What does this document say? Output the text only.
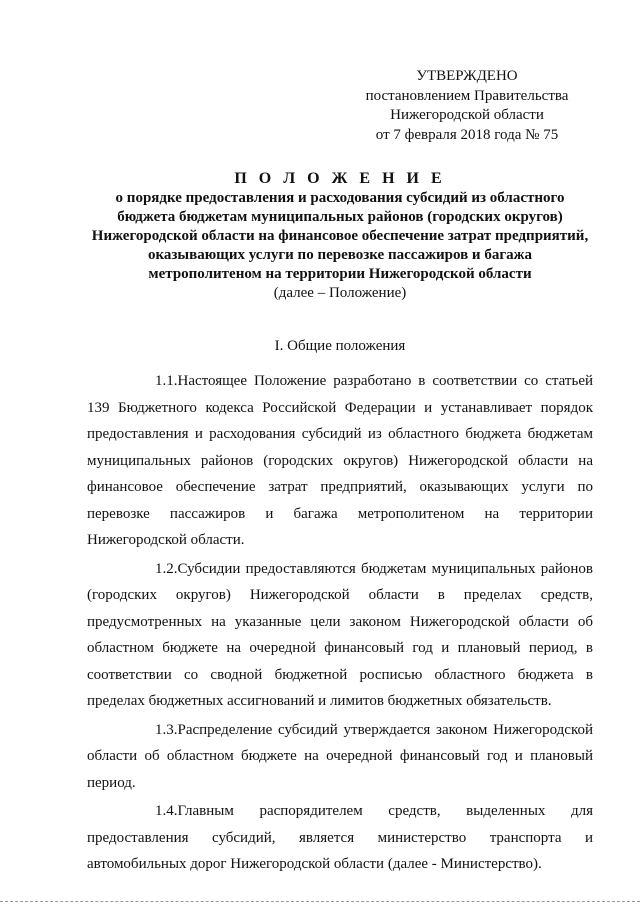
УТВЕРЖДЕНО
постановлением Правительства
Нижегородской области
от 7 февраля 2018 года № 75
П О Л О Ж Е Н И Е
о порядке предоставления и расходования субсидий из областного
бюджета бюджетам муниципальных районов (городских округов)
Нижегородской области на финансовое обеспечение затрат предприятий,
оказывающих услуги по перевозке пассажиров и багажа
метрополитеном на территории Нижегородской области
(далее – Положение)
I. Общие положения

1.1.Настоящее Положение разработано в соответствии со статьей 139 Бюджетного кодекса Российской Федерации и устанавливает порядок предоставления и расходования субсидий из областного бюджета бюджетам муниципальных районов (городских округов) Нижегородской области на финансовое обеспечение затрат предприятий, оказывающих услуги по перевозке пассажиров и багажа метрополитеном на территории Нижегородской области.

1.2.Субсидии предоставляются бюджетам муниципальных районов (городских округов) Нижегородской области в пределах средств, предусмотренных на указанные цели законом Нижегородской области об областном бюджете на очередной финансовый год и плановый период, в соответствии со сводной бюджетной росписью областного бюджета в пределах бюджетных ассигнований и лимитов бюджетных обязательств.

1.3.Распределение субсидий утверждается законом Нижегородской области об областном бюджете на очередной финансовый год и плановый период.

1.4.Главным распорядителем средств, выделенных для предоставления субсидий, является министерство транспорта и автомобильных дорог Нижегородской области (далее - Министерство).
